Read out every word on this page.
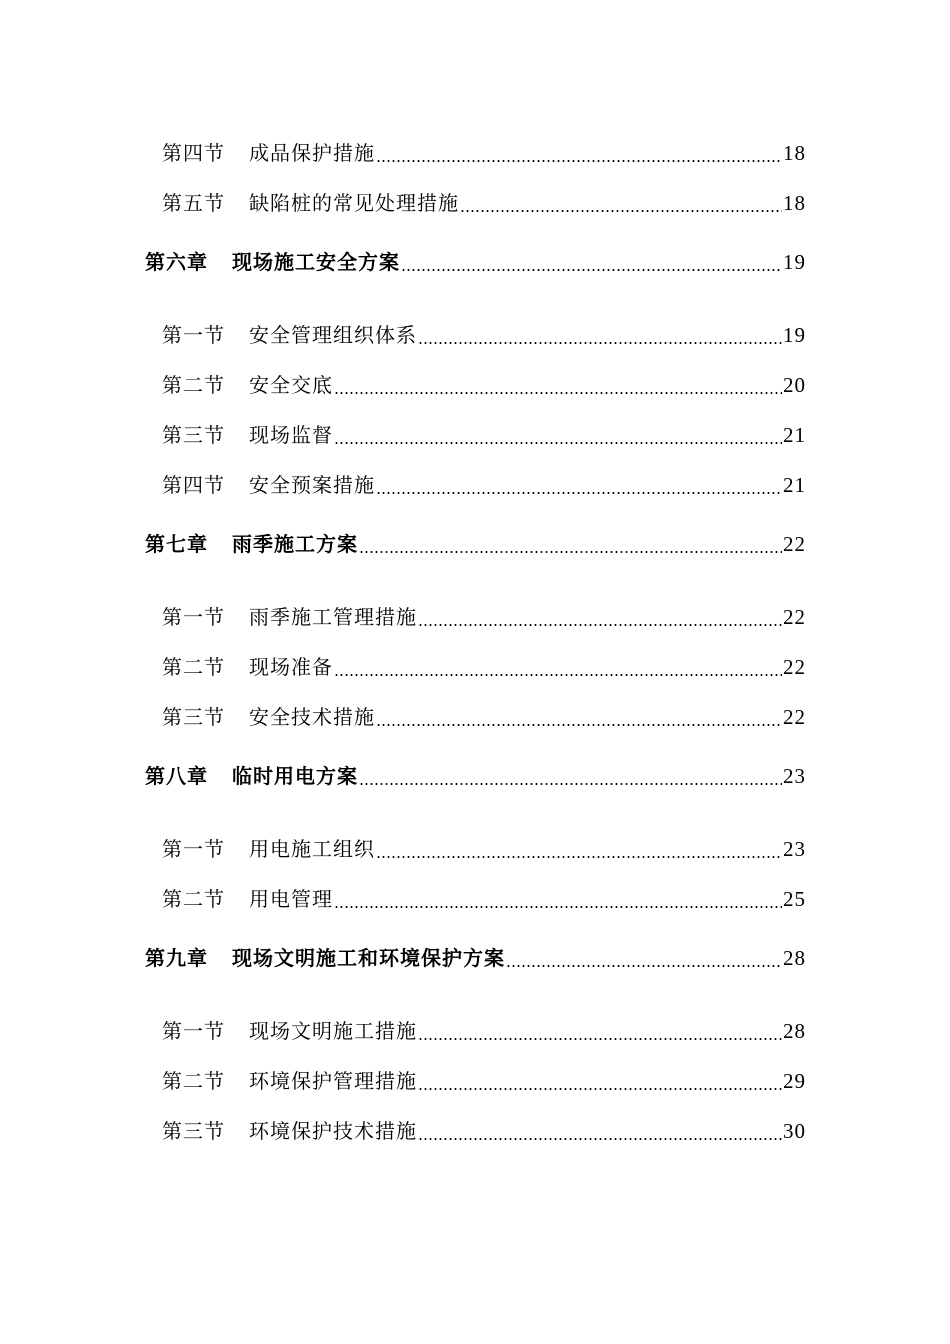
第四节 成品保护措施	18
第五节 缺陷桩的常见处理措施	18
第六章 现场施工安全方案	19
第一节 安全管理组织体系	19
第二节 安全交底	20
第三节 现场监督	21
第四节 安全预案措施	21
第七章 雨季施工方案	22
第一节 雨季施工管理措施	22
第二节 现场准备	22
第三节 安全技术措施	22
第八章 临时用电方案	23
第一节 用电施工组织	23
第二节 用电管理	25
第九章 现场文明施工和环境保护方案	28
第一节 现场文明施工措施	28
第二节 环境保护管理措施	29
第三节 环境保护技术措施	30
